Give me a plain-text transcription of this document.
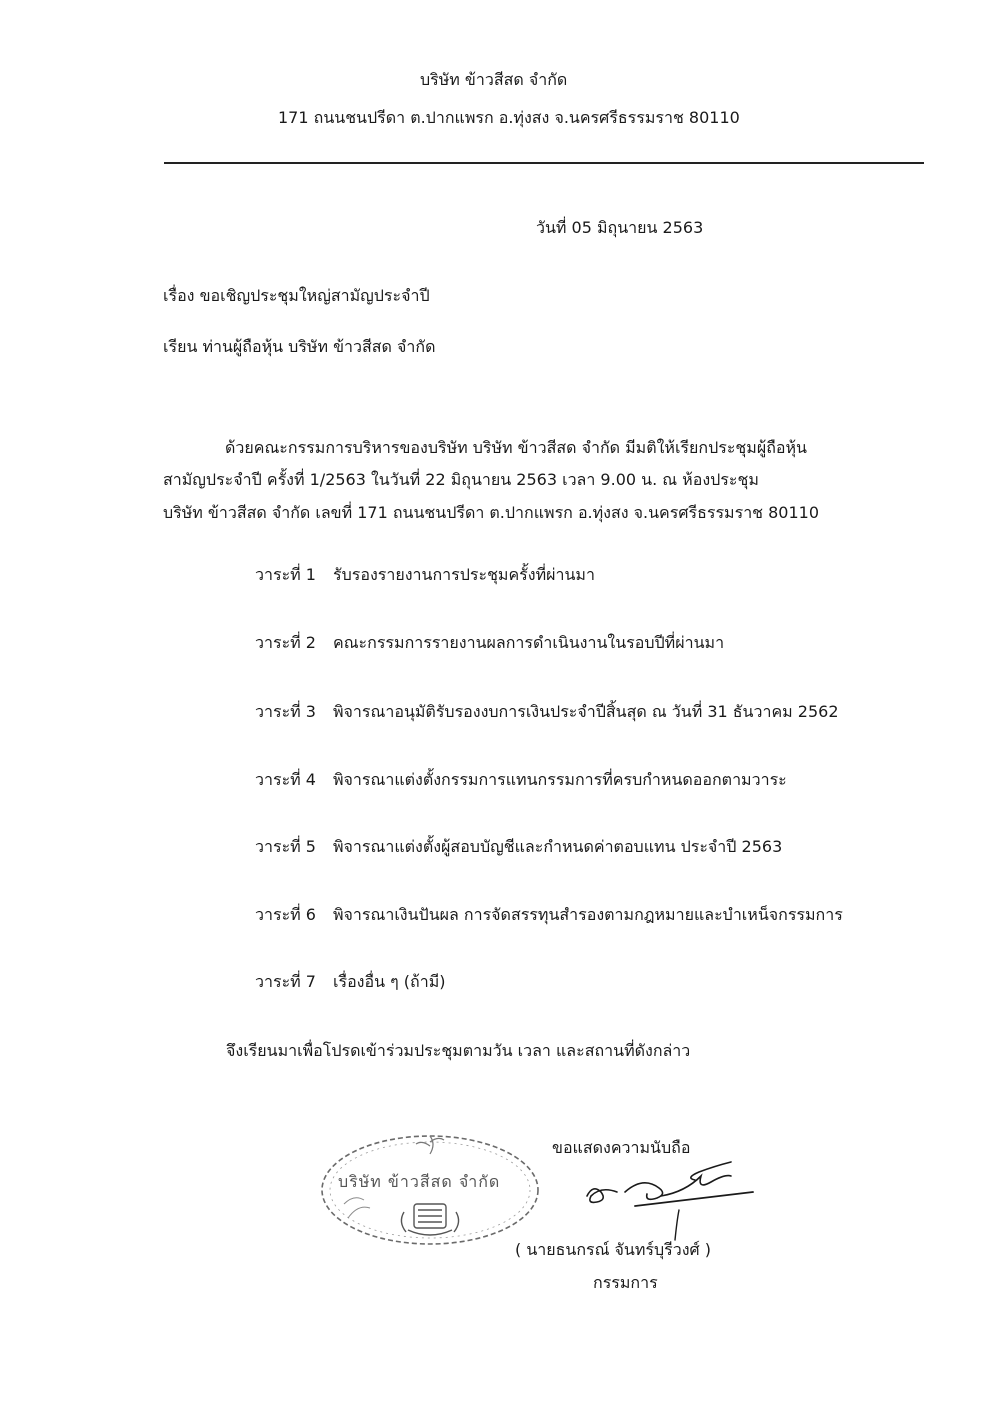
บริษัท ข้าวสีสด จำกัด
171 ถนนชนปรีดา ต.ปากแพรก อ.ทุ่งสง จ.นครศรีธรรมราช 80110
วันที่ 05 มิถุนายน 2563
เรื่อง ขอเชิญประชุมใหญ่สามัญประจำปี
เรียน ท่านผู้ถือหุ้น บริษัท ข้าวสีสด จำกัด
ด้วยคณะกรรมการบริหารของบริษัท บริษัท ข้าวสีสด จำกัด มีมติให้เรียกประชุมผู้ถือหุ้น
สามัญประจำปี ครั้งที่ 1/2563 ในวันที่ 22 มิถุนายน 2563 เวลา 9.00 น. ณ ห้องประชุม
บริษัท ข้าวสีสด จำกัด เลขที่ 171 ถนนชนปรีดา ต.ปากแพรก อ.ทุ่งสง จ.นครศรีธรรมราช 80110
วาระที่ 1 รับรองรายงานการประชุมครั้งที่ผ่านมา
วาระที่ 2 คณะกรรมการรายงานผลการดำเนินงานในรอบปีที่ผ่านมา
วาระที่ 3 พิจารณาอนุมัติรับรองงบการเงินประจำปีสิ้นสุด ณ วันที่ 31 ธันวาคม 2562
วาระที่ 4 พิจารณาแต่งตั้งกรรมการแทนกรรมการที่ครบกำหนดออกตามวาระ
วาระที่ 5 พิจารณาแต่งตั้งผู้สอบบัญชีและกำหนดค่าตอบแทน ประจำปี 2563
วาระที่ 6 พิจารณาเงินปันผล การจัดสรรทุนสำรองตามกฎหมายและบำเหน็จกรรมการ
วาระที่ 7 เรื่องอื่น ๆ (ถ้ามี)
จึงเรียนมาเพื่อโปรดเข้าร่วมประชุมตามวัน เวลา และสถานที่ดังกล่าว
ขอแสดงความนับถือ
บริษัท ข้าวสีสด จำกัด
( นายธนกรณ์ จันทร์บุรีวงศ์ )
กรรมการ
